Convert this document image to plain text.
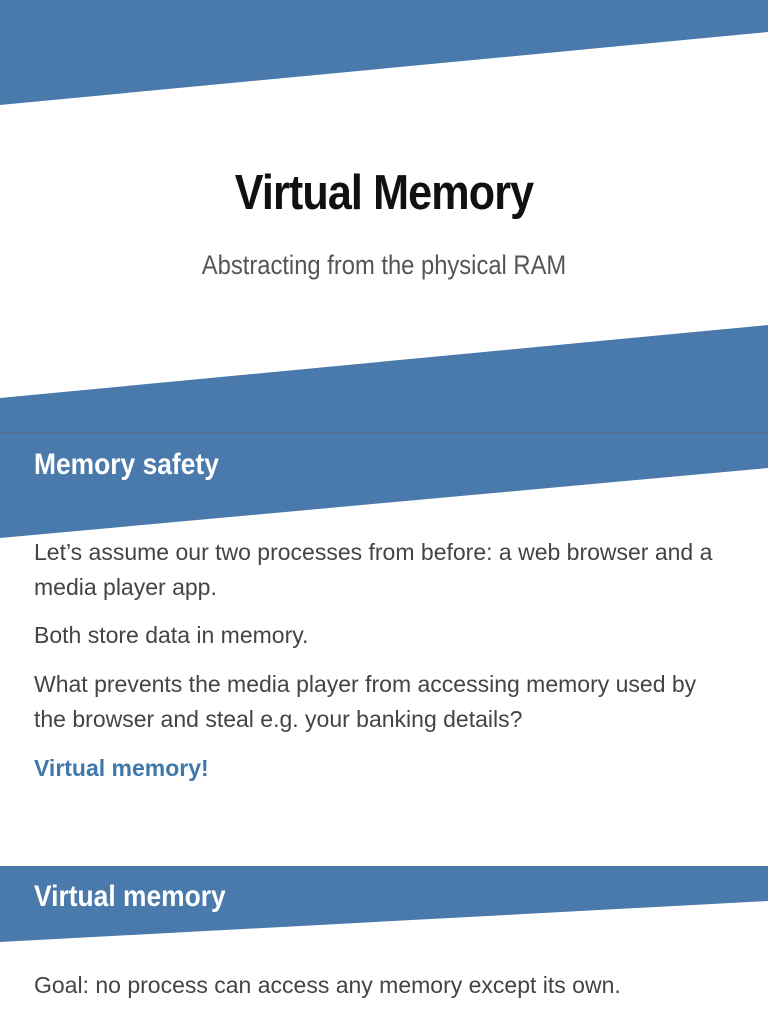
Virtual Memory
Abstracting from the physical RAM
Memory safety
Let’s assume our two processes from before: a web browser and a media player app.
Both store data in memory.
What prevents the media player from accessing memory used by the browser and steal e.g. your banking details?
Virtual memory!
Virtual memory
Goal: no process can access any memory except its own.
